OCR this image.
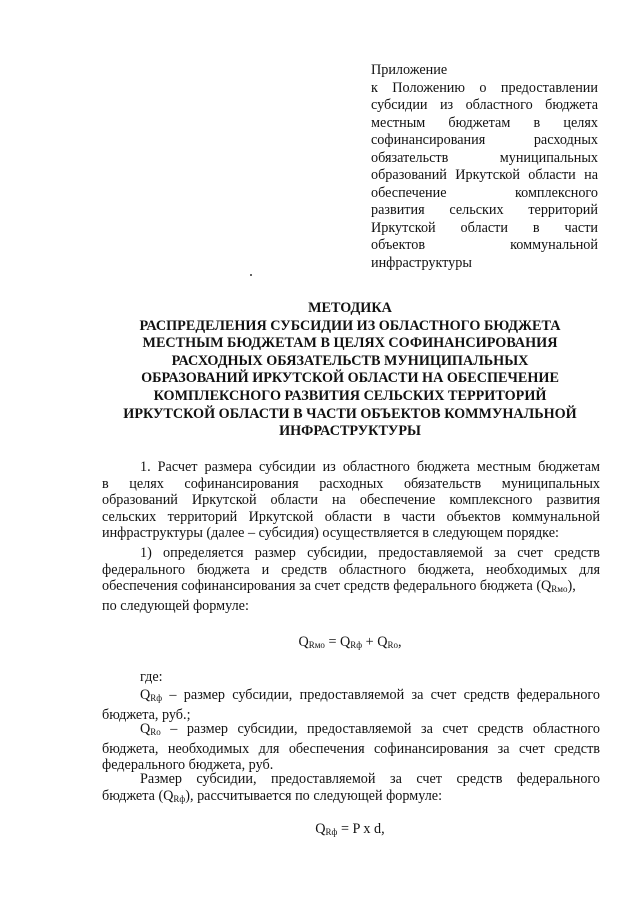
Приложение
к Положению о предоставлении
субсидии из областного бюджета
местным бюджетам в целях
софинансирования расходных
обязательств муниципальных
образований Иркутской области на
обеспечение комплексного
развития сельских территорий
Иркутской области в части
объектов коммунальной
инфраструктуры
МЕТОДИКА
РАСПРЕДЕЛЕНИЯ СУБСИДИИ ИЗ ОБЛАСТНОГО БЮДЖЕТА
МЕСТНЫМ БЮДЖЕТАМ В ЦЕЛЯХ СОФИНАНСИРОВАНИЯ
РАСХОДНЫХ ОБЯЗАТЕЛЬСТВ МУНИЦИПАЛЬНЫХ
ОБРАЗОВАНИЙ ИРКУТСКОЙ ОБЛАСТИ НА ОБЕСПЕЧЕНИЕ
КОМПЛЕКСНОГО РАЗВИТИЯ СЕЛЬСКИХ ТЕРРИТОРИЙ
ИРКУТСКОЙ ОБЛАСТИ В ЧАСТИ ОБЪЕКТОВ КОММУНАЛЬНОЙ
ИНФРАСТРУКТУРЫ
1. Расчет размера субсидии из областного бюджета местным бюджетам
в целях софинансирования расходных обязательств муниципальных
образований Иркутской области на обеспечение комплексного развития
сельских территорий Иркутской области в части объектов коммунальной
инфраструктуры (далее – субсидия) осуществляется в следующем порядке:
1) определяется размер субсидии, предоставляемой за счет средств
федерального бюджета и средств областного бюджета, необходимых для
обеспечения софинансирования за счет средств федерального бюджета $(Q_{Rмо})$,
по следующей формуле:
$Q_{Rмо} = Q_{Rф} + Q_{Rо}$,
где:
$Q_{Rф}$ – размер субсидии, предоставляемой за счет средств федерального
бюджета, руб.;
$Q_{Rо}$ – размер субсидии, предоставляемой за счет средств областного
бюджета, необходимых для обеспечения софинансирования за счет средств
федерального бюджета, руб.
Размер субсидии, предоставляемой за счет средств федерального
бюджета $(Q_{Rф})$, рассчитывается по следующей формуле:
$Q_{Rф} = P$ x d,
